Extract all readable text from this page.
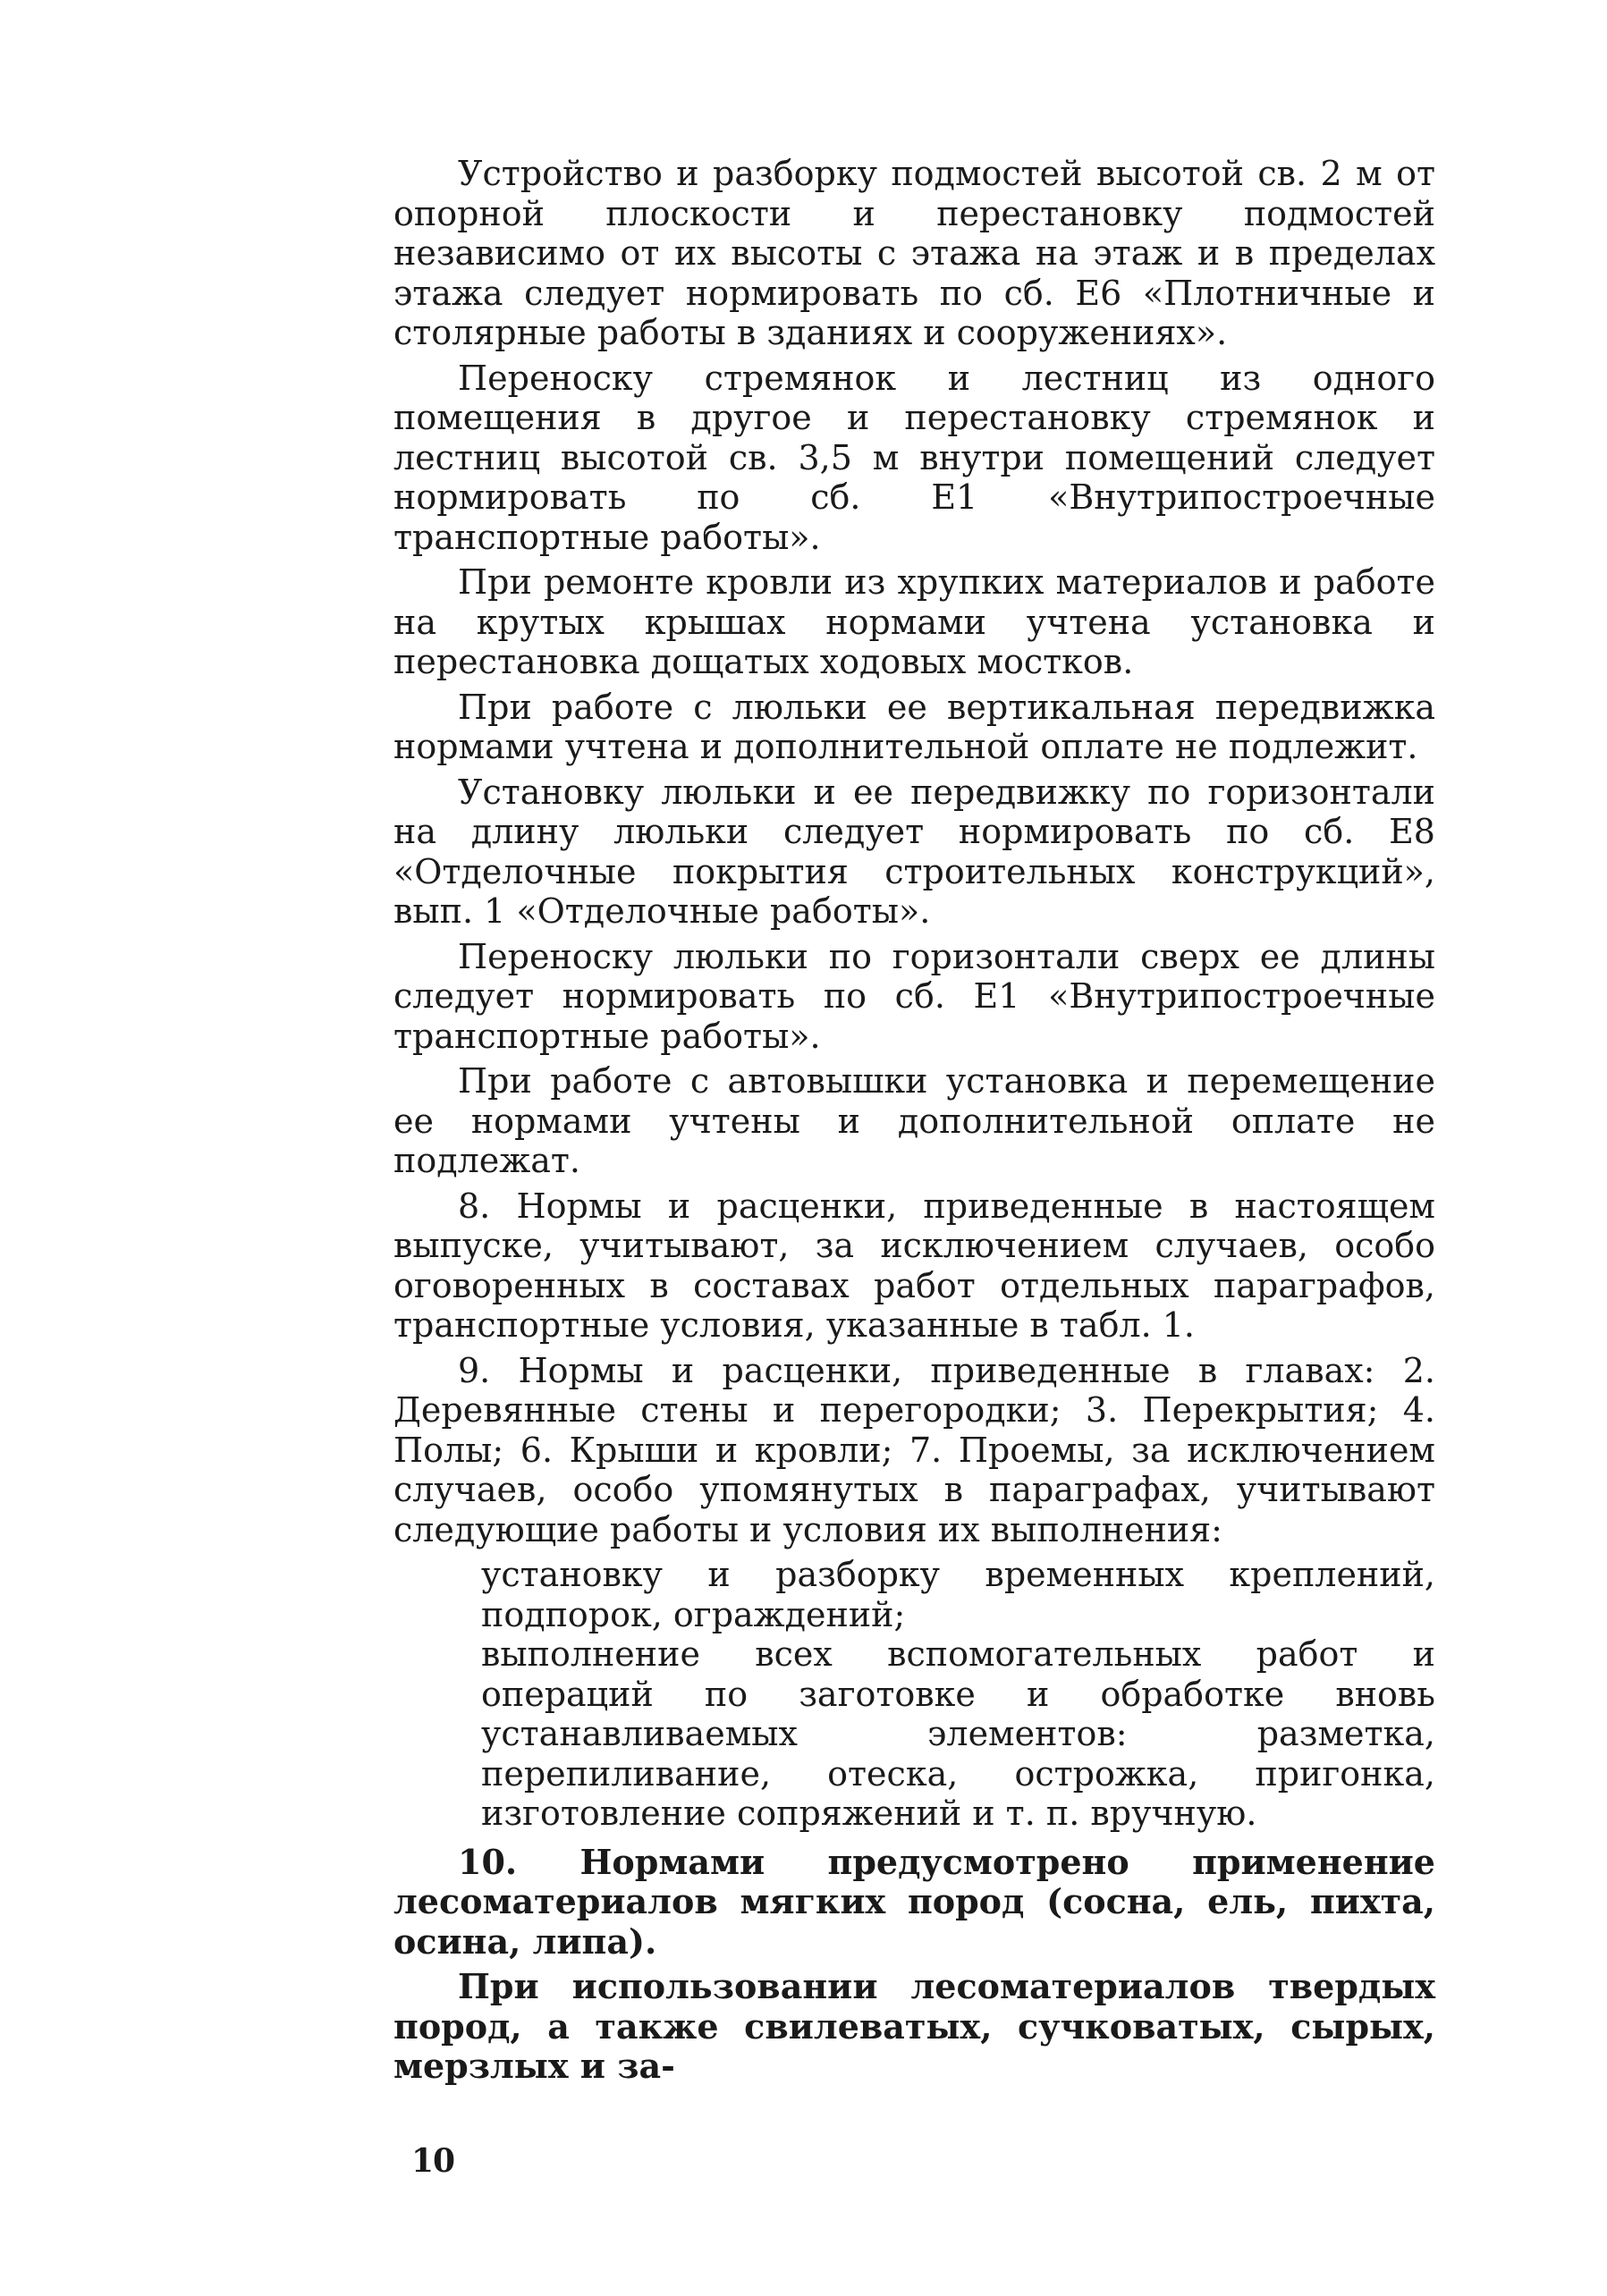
Устройство и разборку подмостей высотой св. 2 м от опорной плоскости и перестановку подмостей независимо от их высоты с этажа на этаж и в пределах этажа следует нормировать по сб. Е6 «Плотничные и столярные работы в зданиях и сооружениях».

Переноску стремянок и лестниц из одного помещения в другое и перестановку стремянок и лестниц высотой св. 3,5 м внутри помещений следует нормировать по сб. Е1 «Внутрипостроечные транспортные работы».

При ремонте кровли из хрупких материалов и работе на крутых крышах нормами учтена установка и перестановка дощатых ходовых мостков.

При работе с люльки ее вертикальная передвижка нормами учтена и дополнительной оплате не подлежит.

Установку люльки и ее передвижку по горизонтали на длину люльки следует нормировать по сб. Е8 «Отделочные покрытия строительных конструкций», вып. 1 «Отделочные работы».

Переноску люльки по горизонтали сверх ее длины следует нормировать по сб. Е1 «Внутрипостроечные транспортные работы».

При работе с автовышки установка и перемещение ее нормами учтены и дополнительной оплате не подлежат.

8. Нормы и расценки, приведенные в настоящем выпуске, учитывают, за исключением случаев, особо оговоренных в составах работ отдельных параграфов, транспортные условия, указанные в табл. 1.

9. Нормы и расценки, приведенные в главах: 2. Деревянные стены и перегородки; 3. Перекрытия; 4. Полы; 6. Крыши и кровли; 7. Проемы, за исключением случаев, особо упомянутых в параграфах, учитывают следующие работы и условия их выполнения:

установку и разборку временных креплений, подпорок, ограждений;

выполнение всех вспомогательных работ и операций по заготовке и обработке вновь устанавливаемых элементов: разметка, перепиливание, отеска, острожка, пригонка, изготовление сопряжений и т. п. вручную.

10. Нормами предусмотрено применение лесоматериалов мягких пород (сосна, ель, пихта, осина, липа).

При использовании лесоматериалов твердых пород, а также свилеватых, сучковатых, сырых, мерзлых и за-

10
